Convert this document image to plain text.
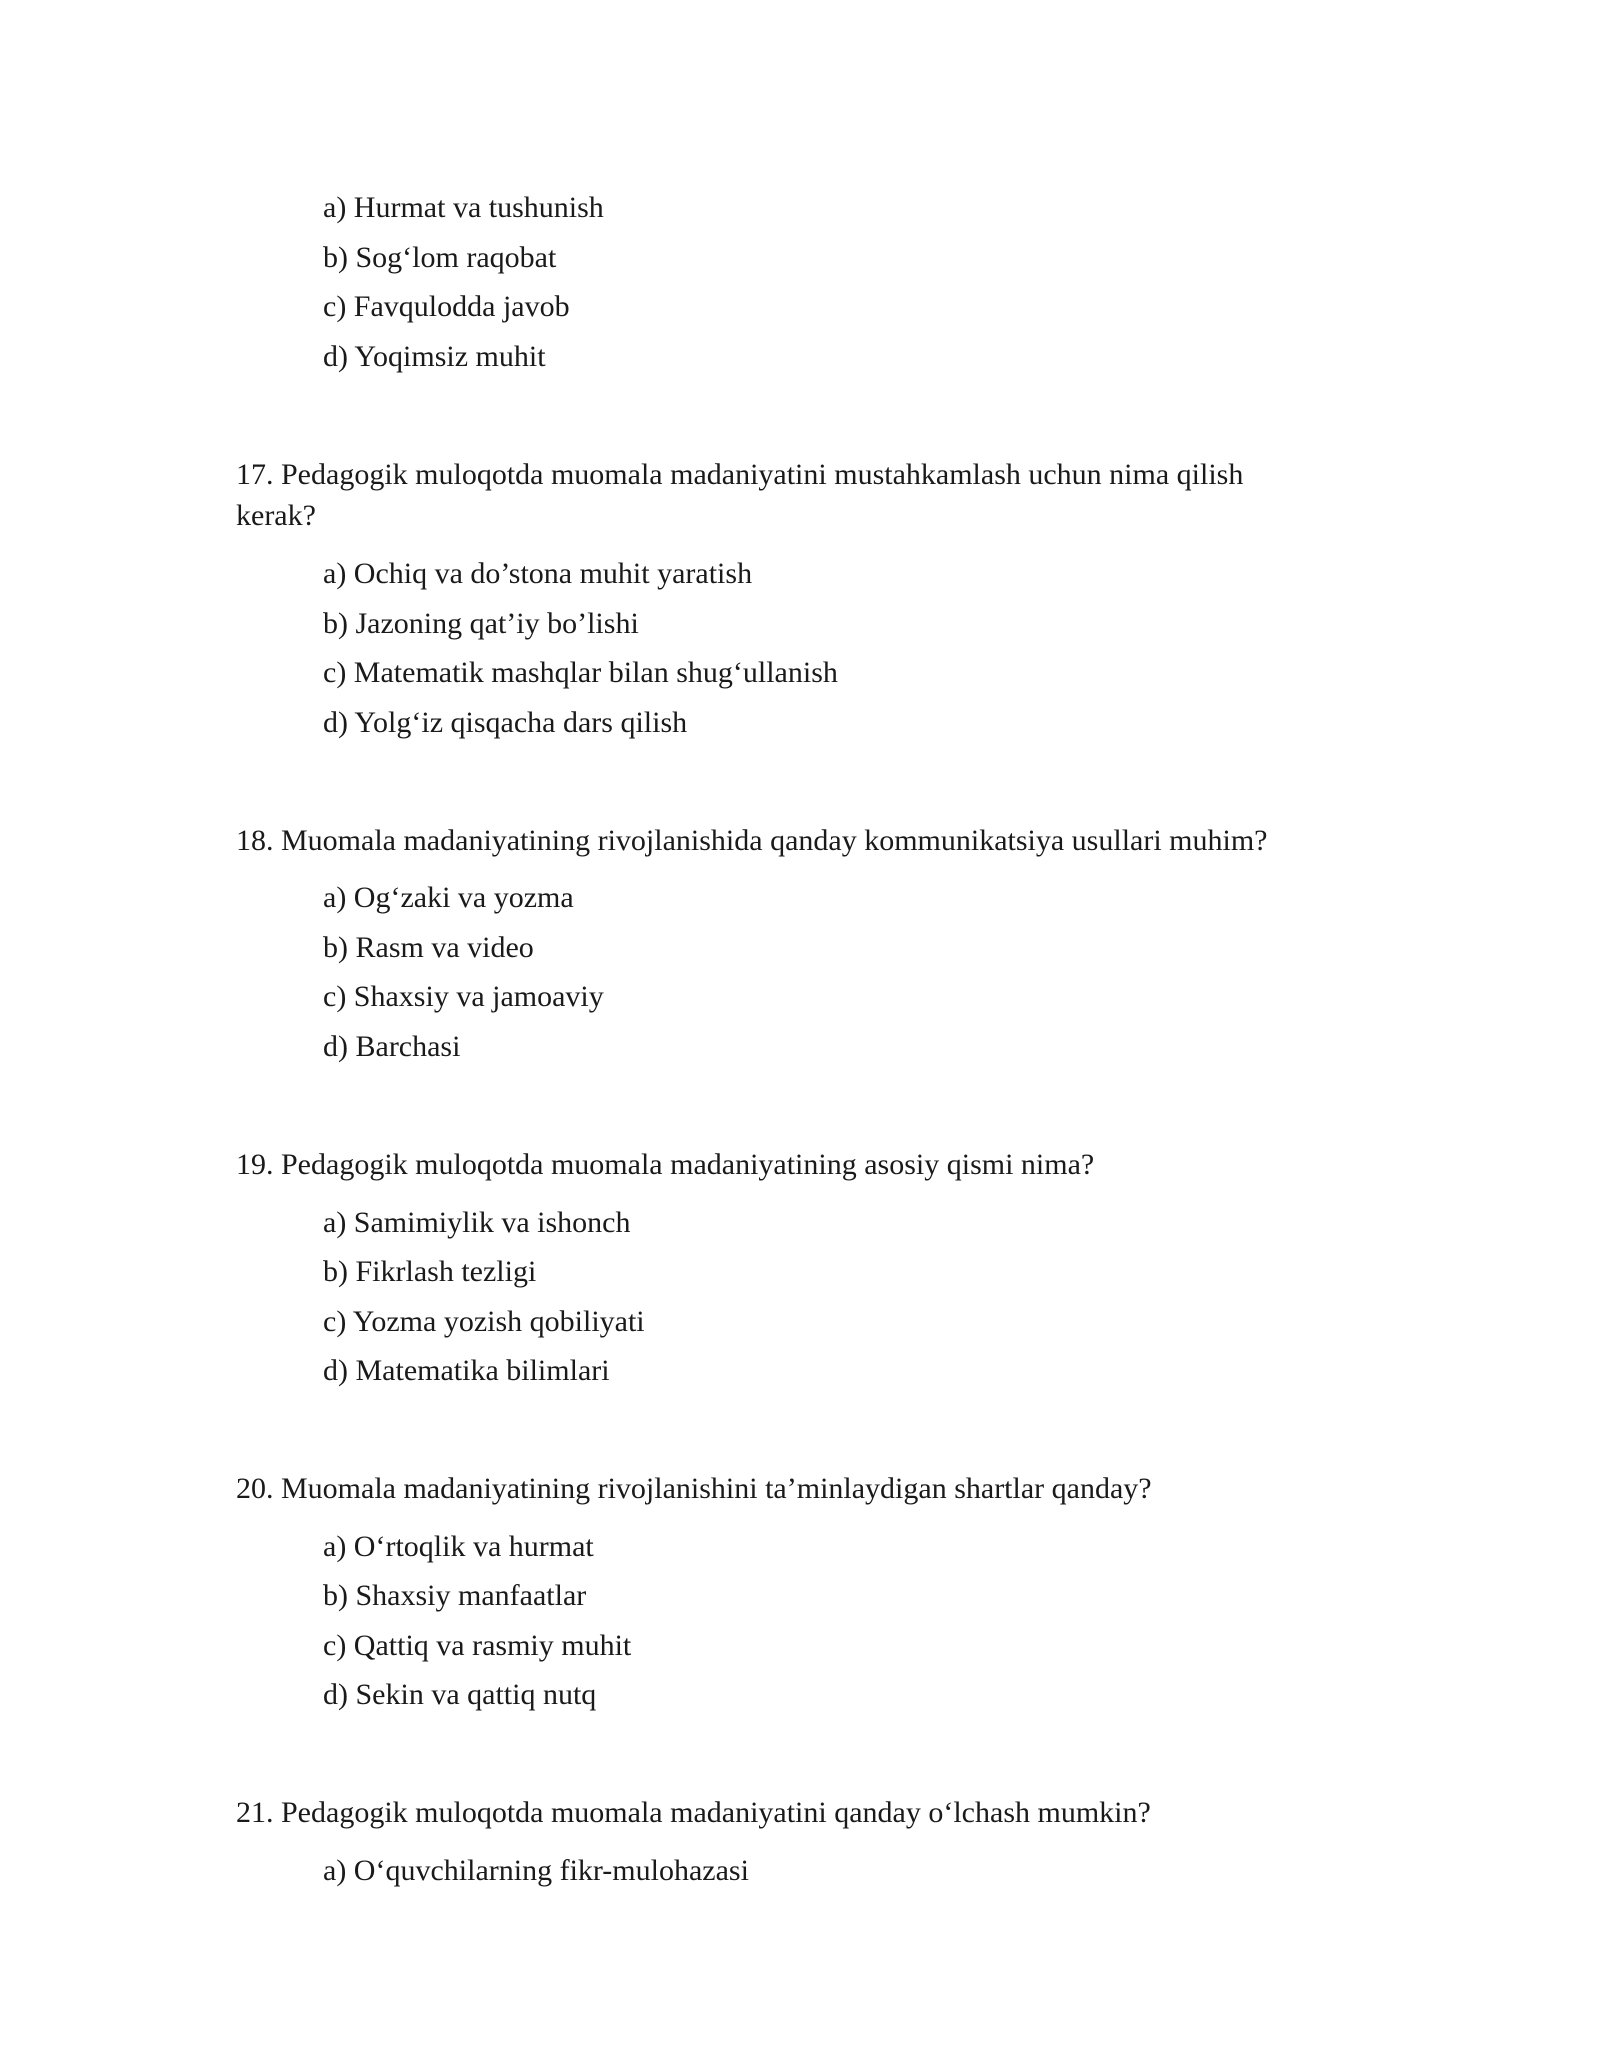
a) Hurmat va tushunish
b) Sog‘lom raqobat
c) Favqulodda javob
d) Yoqimsiz muhit
17. Pedagogik muloqotda muomala madaniyatini mustahkamlash uchun nima qilish kerak?
a) Ochiq va do’stona muhit yaratish
b) Jazoning qat’iy bo’lishi
c) Matematik mashqlar bilan shug‘ullanish
d) Yolg‘iz qisqacha dars qilish
18. Muomala madaniyatining rivojlanishida qanday kommunikatsiya usullari muhim?
a) Og‘zaki va yozma
b) Rasm va video
c) Shaxsiy va jamoaviy
d) Barchasi
19. Pedagogik muloqotda muomala madaniyatining asosiy qismi nima?
a) Samimiylik va ishonch
b) Fikrlash tezligi
c) Yozma yozish qobiliyati
d) Matematika bilimlari
20. Muomala madaniyatining rivojlanishini ta’minlaydigan shartlar qanday?
a) O‘rtoqlik va hurmat
b) Shaxsiy manfaatlar
c) Qattiq va rasmiy muhit
d) Sekin va qattiq nutq
21. Pedagogik muloqotda muomala madaniyatini qanday o‘lchash mumkin?
a) O‘quvchilarning fikr-mulohazasi
